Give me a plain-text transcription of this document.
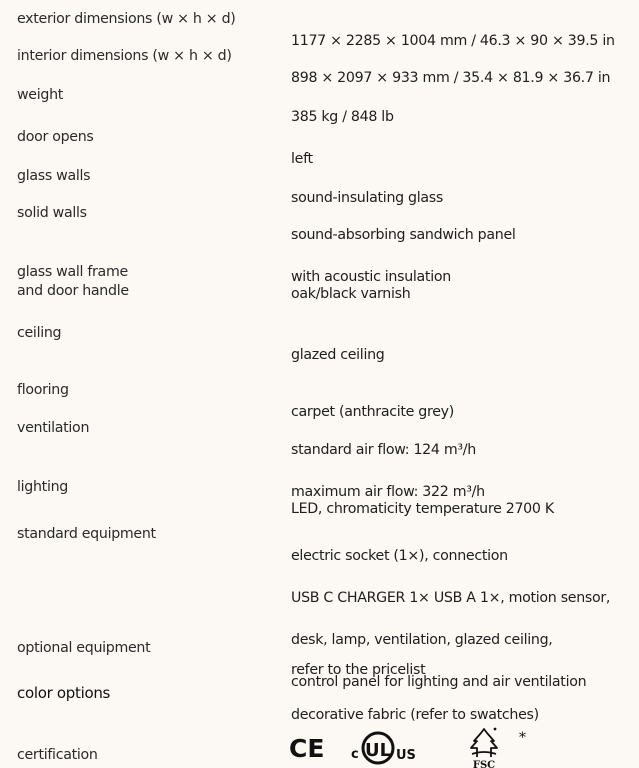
exterior dimensions (w × h × d)

1177 × 2285 × 1004 mm / 46.3 × 90 × 39.5 in

interior dimensions (w × h × d)

898 × 2097 × 933 mm / 35.4 × 81.9 × 36.7 in

weight

385 kg / 848 lb

door opens

left

glass walls

sound-insulating glass

solid walls

sound-absorbing sandwich panel

with acoustic insulation

glass wall frame
and door handle	oak/black varnish

ceiling

glazed ceiling

flooring

carpet (anthracite grey)

ventilation

standard air flow: 124 m³/h

maximum air flow: 322 m³/h

lighting

LED, chromaticity temperature 2700 K

standard equipment

electric socket (1×), connection

USB C CHARGER 1× USB A 1×, motion sensor,

desk, lamp, ventilation, glazed ceiling,

control panel for lighting and air ventilation

optional equipment

refer to the pricelist

color options

decorative fabric (refer to swatches)

certification	CE c UL US
FSC
*
